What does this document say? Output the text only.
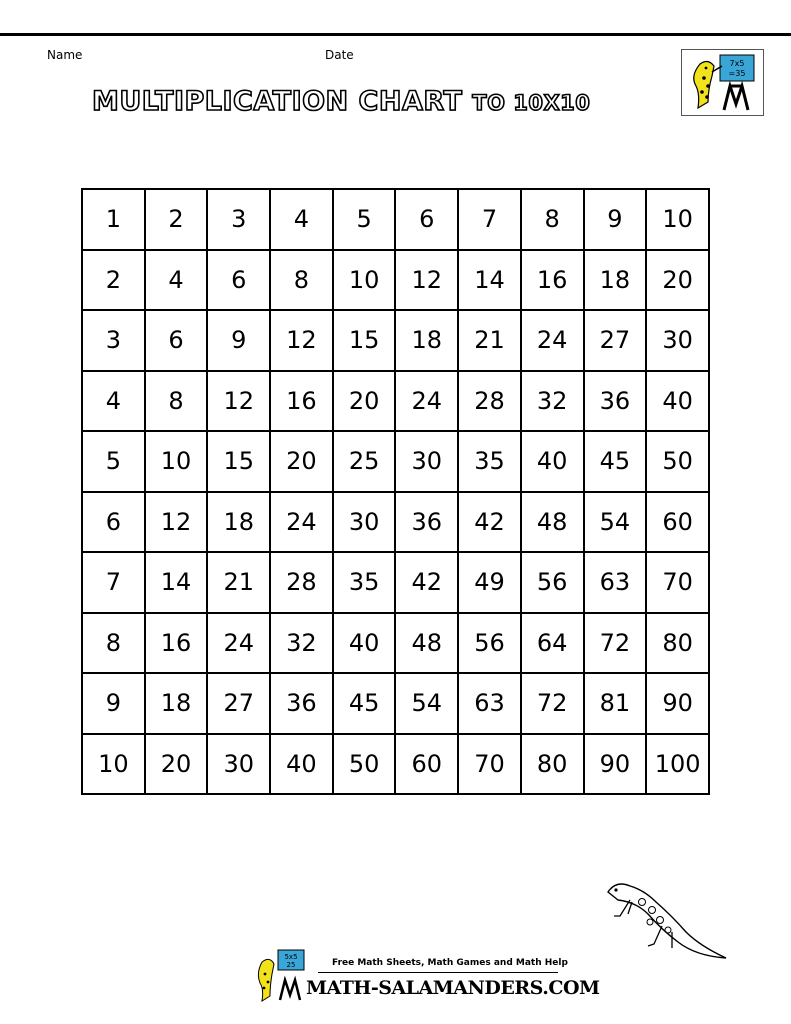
Name	Date
MULTIPLICATION CHART TO 10X10
7x5
=35
1	2	3	4	5	6	7	8	9	10
2	4	6	8	10	12	14	16	18	20
3	6	9	12	15	18	21	24	27	30
4	8	12	16	20	24	28	32	36	40
5	10	15	20	25	30	35	40	45	50
6	12	18	24	30	36	42	48	54	60
7	14	21	28	35	42	49	56	63	70
8	16	24	32	40	48	56	64	72	80
9	18	27	36	45	54	63	72	81	90
10	20	30	40	50	60	70	80	90	100
5x5
25	Free Math Sheets, Math Games and Math Help
MATH-SALAMANDERS.COM
